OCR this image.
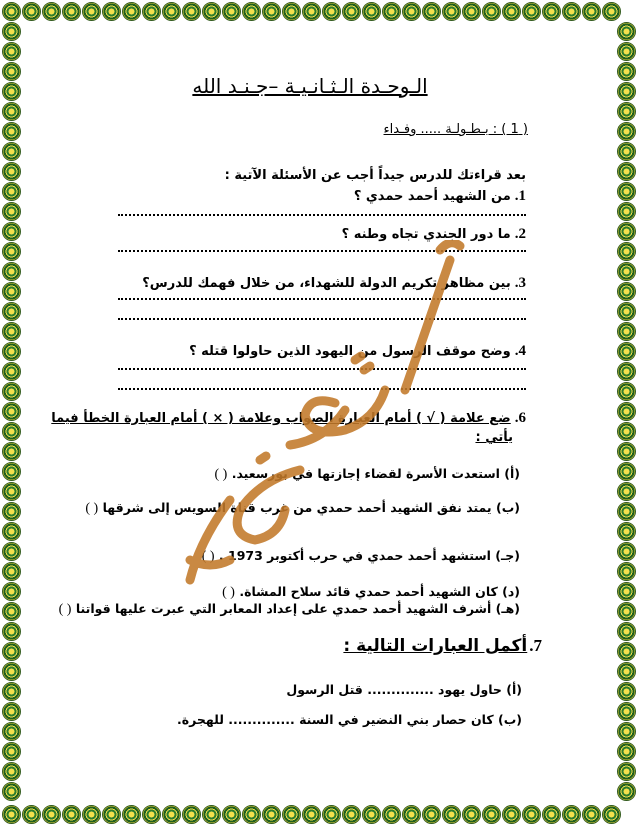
الـوحـدة الـثـانـيـة –جـنـد الله
( 1 ) : بـطـولـة ..... وفـداء
بعد قراءتك للدرس جيداً أجب عن الأسئلة الآتية :
1.
من الشهيد أحمد حمدي ؟
2.
ما دور الجندي تجاه وطنه ؟
3.
بين مظاهر تكريم الدولة للشهداء، من خلال فهمك للدرس؟
4.
وضح موقف الرسول من اليهود الذين حاولوا قتله ؟
6.
ضع علامة ( √ ) أمام العبارة الصواب وعلامة ( × ) أمام العبارة الخطأ فيما
يأتي :
(أ) استعدت الأسرة لقضاء إجازتها في بورسعيد. ( )
(ب) يمتد نفق الشهيد أحمد حمدي من غرب قناة السويس إلى شرقها ( )
(جـ) استشهد أحمد حمدي في حرب أكتوبر 1973 . ( )
(د) كان الشهيد أحمد حمدي قائد سلاح المشاة. ( )
(هـ) أشرف الشهيد أحمد حمدي على إعداد المعابر التي عبرت عليها قواتنا ( )
7.
أكمل العبارات التالية :
(أ) حاول يهود .............. قتل الرسول
(ب) كان حصار بني النضير في السنة .............. للهجرة.
